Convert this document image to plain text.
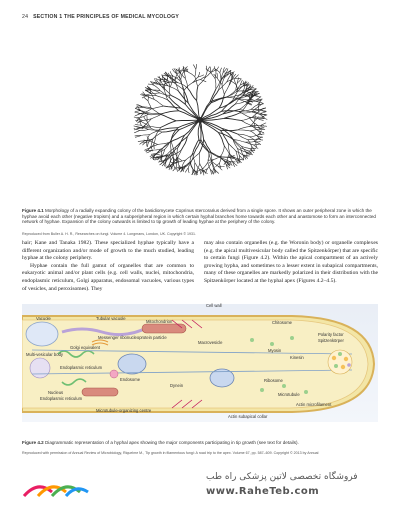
24 SECTION 1 THE PRINCIPLES OF MEDICAL MYCOLOGY
Figure 4.1 Morphology of a radially expanding colony of the basidiomycete Coprinus stercorarius derived from a single spore. It shows an outer peripheral zone in which the hyphae avoid each other (negative tropism) and a subperipheral region in which certain hyphal branches home towards each other and anastomose to form an interconnected network of hyphae. Expansion of the colony outwards is limited to tip growth of leading hyphae at the periphery of the colony.
Reproduced from Buller A. H. R., Researches on fungi. Volume 4. Longmans, London, UK. Copyright © 1931.

hair; Kane and Tanaka 1982). These specialized hyphae typically have a different organization and/or mode of growth to the much studied, leading hyphae at the colony periphery.

Hyphae contain the full gamut of organelles that are common to eukaryotic animal and/or plant cells (e.g. cell walls, nuclei, mitochondria, endoplasmic reticulum, Golgi apparatus, endosomal vacuoles, various types of vesicles, and peroxisomes). They

may also contain organelles (e.g. the Woronin body) or organelle complexes (e.g. the apical multivesicular body called the Spitzenkörper) that are specific to certain fungi (Figure 4.2). Within the apical compartment of an actively growing hypha, and sometimes to a lesser extent in subapical compartments, many of these organelles are markedly polarized in their distribution with the Spitzenkörper located at the hyphal apex (Figures 4.2–4.5).

Cell wall
Vacuole	Tubular vacuole
Mitochondrion	Chitosome
Polarity factor
Spitzenkörper
Messenger ribonucleoprotein particle
Golgi equivalent
Macrovesicle
Myosin
Kinesin
Multi-vesicular body
Endoplasmic reticulum
Endosome
Dynein
Ribosome
Nucleus
Endoplasmic reticulum
Microtubule
Actin microfilament
Microtubule-organizing centre
Actin subapical collar
Figure 4.2 Diagrammatic representation of a hyphal apex showing the major components participating in tip growth (see text for details).
Reproduced with permission of Annual Review of Microbiology, Riquelme M., Tip growth in filamentous fungi: A road trip to the apex. Volume 67, pp. 587–609. Copyright © 2013 by Annual
فروشگاه تخصصی لاتین پزشکی راه طب
www.RaheTeb.com
